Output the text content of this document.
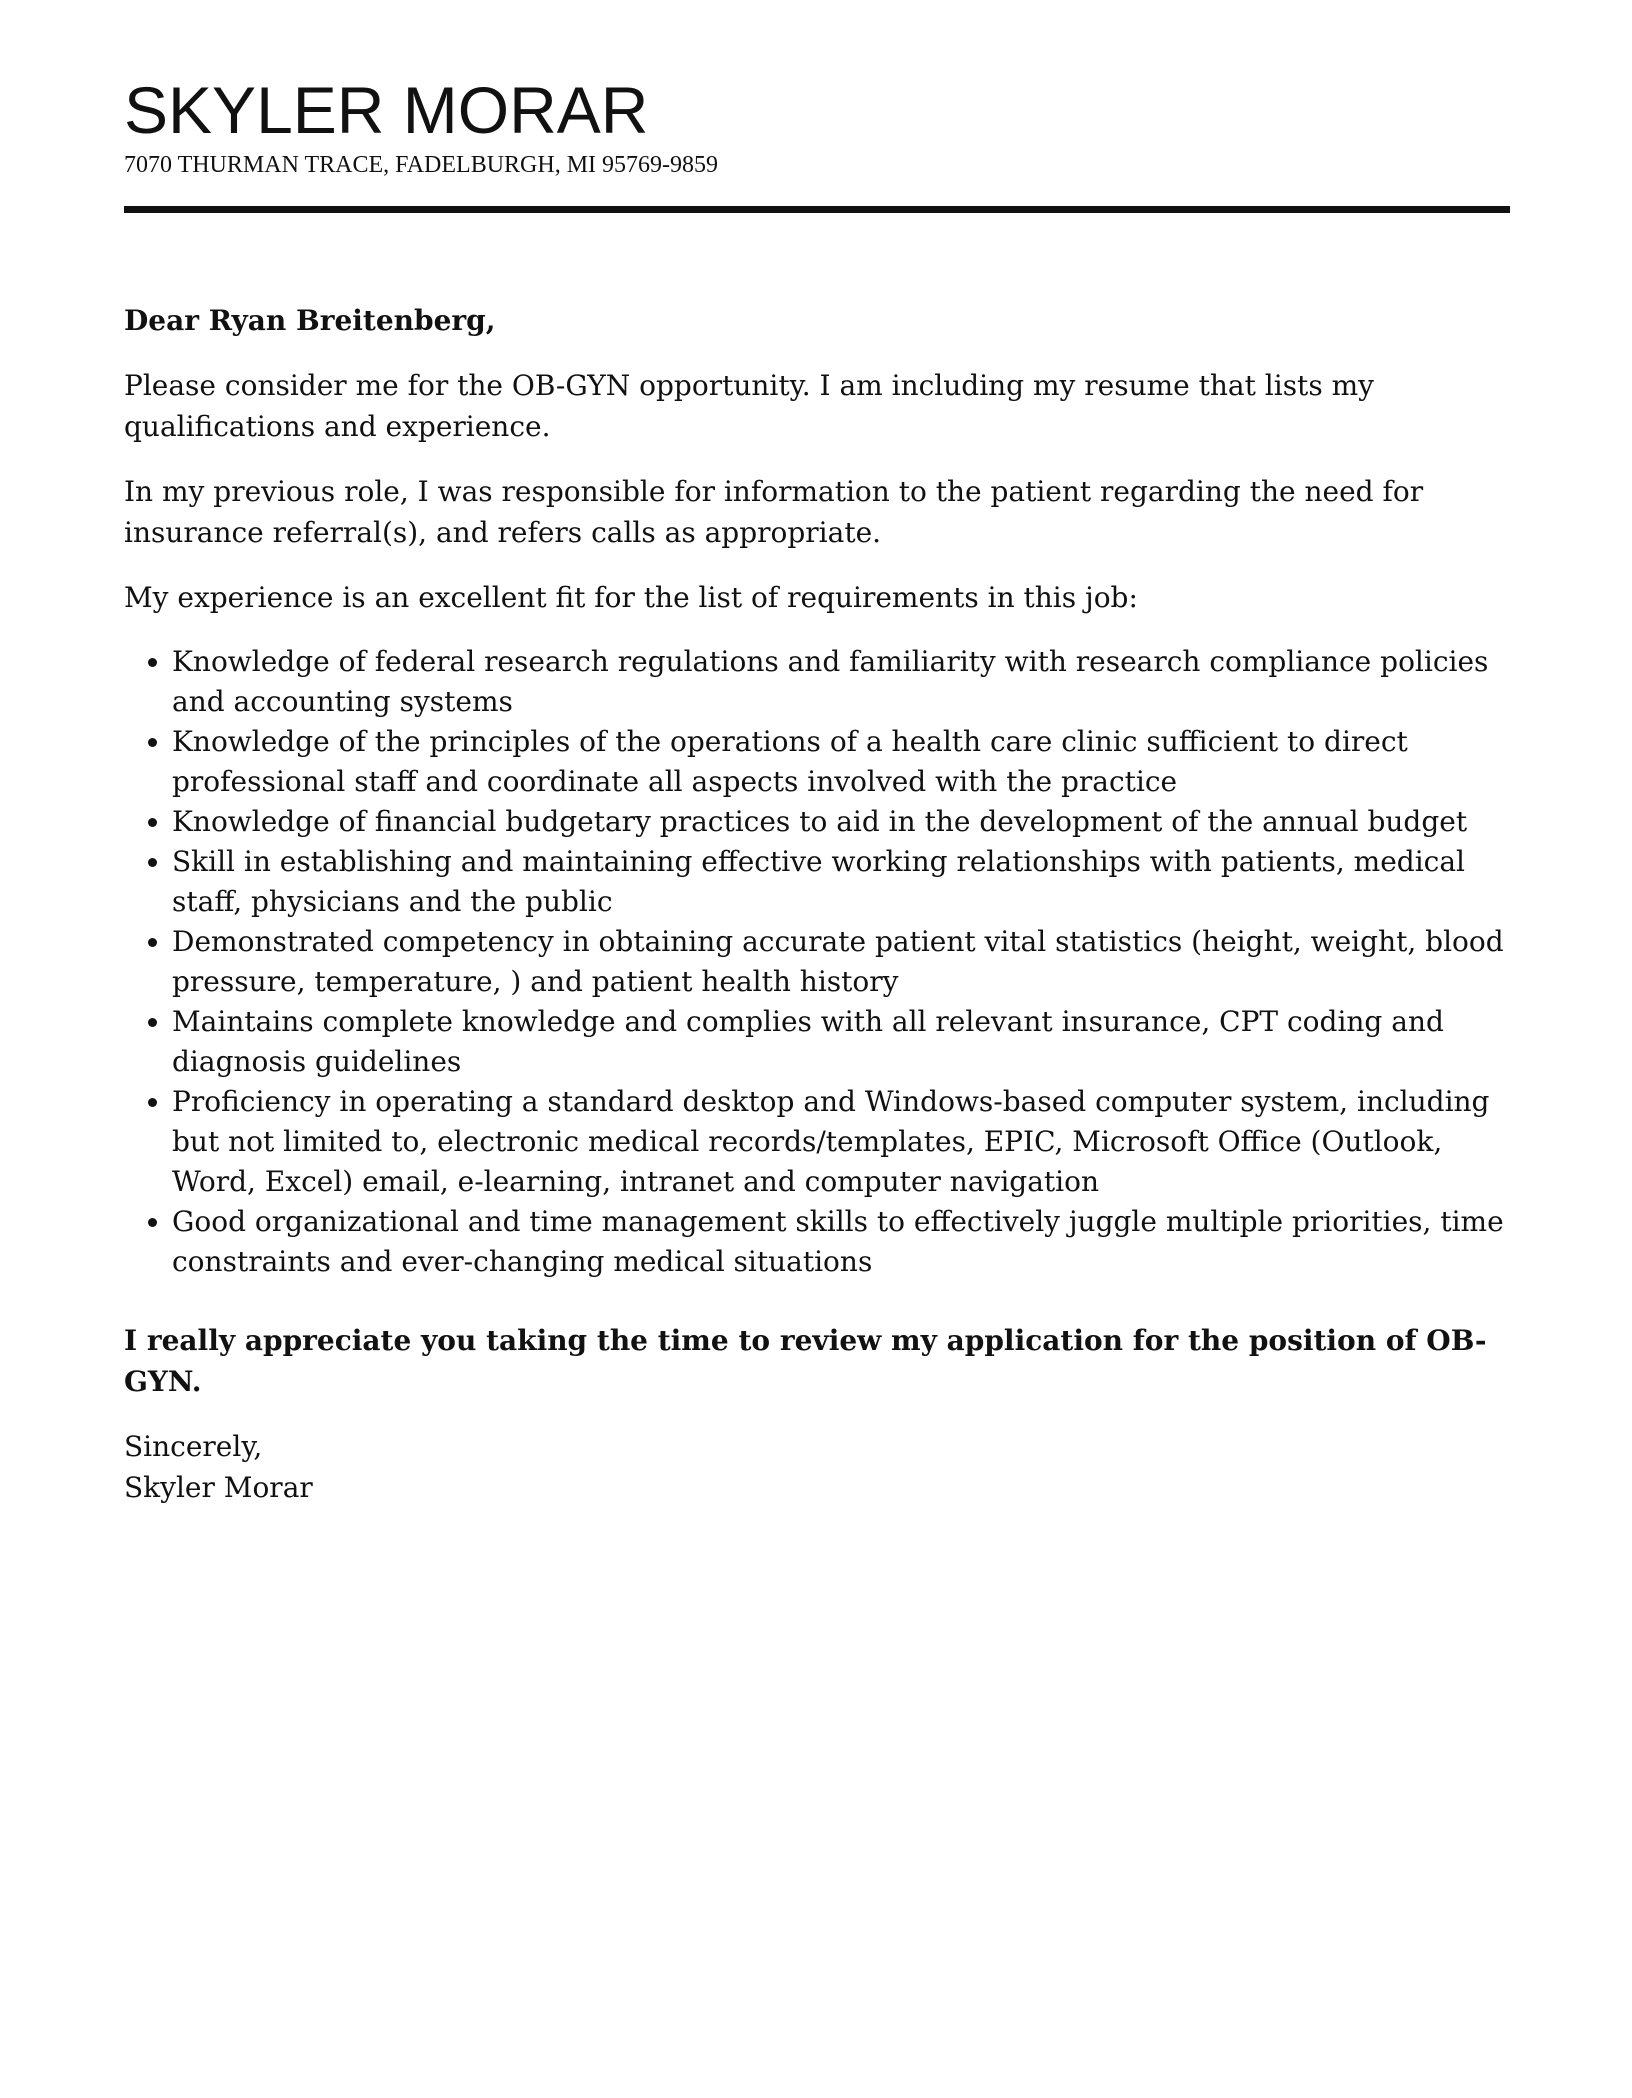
SKYLER MORAR
7070 THURMAN TRACE, FADELBURGH, MI 95769-9859

Dear Ryan Breitenberg,

Please consider me for the OB-GYN opportunity. I am including my resume that lists my qualifications and experience.

In my previous role, I was responsible for information to the patient regarding the need for insurance referral(s), and refers calls as appropriate.

My experience is an excellent fit for the list of requirements in this job:

• Knowledge of federal research regulations and familiarity with research compliance policies and accounting systems
• Knowledge of the principles of the operations of a health care clinic sufficient to direct professional staff and coordinate all aspects involved with the practice
• Knowledge of financial budgetary practices to aid in the development of the annual budget
• Skill in establishing and maintaining effective working relationships with patients, medical staff, physicians and the public
• Demonstrated competency in obtaining accurate patient vital statistics (height, weight, blood pressure, temperature, ) and patient health history
• Maintains complete knowledge and complies with all relevant insurance, CPT coding and diagnosis guidelines
• Proficiency in operating a standard desktop and Windows-based computer system, including but not limited to, electronic medical records/templates, EPIC, Microsoft Office (Outlook, Word, Excel) email, e-learning, intranet and computer navigation
• Good organizational and time management skills to effectively juggle multiple priorities, time constraints and ever-changing medical situations

I really appreciate you taking the time to review my application for the position of OB-GYN.

Sincerely,
Skyler Morar
